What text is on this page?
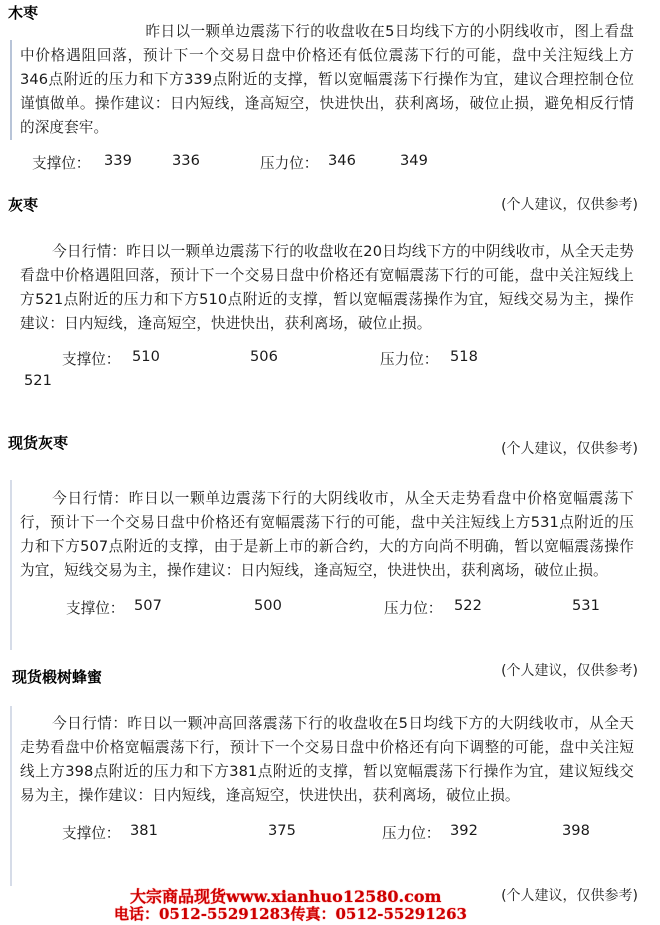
木枣

昨日以一颗单边震荡下行的收盘收在5日均线下方的小阴线收市，图上看盘中价格遇阻回落，预计下一个交易日盘中价格还有低位震荡下行的可能，盘中关注短线上方346点附近的压力和下方339点附近的支撑，暂以宽幅震荡下行操作为宜，建议合理控制仓位谨慎做单。操作建议：日内短线，逢高短空，快进快出，获利离场，破位止损，避免相反行情的深度套牢。

支撑位： 339	336	压力位： 346	349
(个人建议，仅供参考)
灰枣

今日行情：昨日以一颗单边震荡下行的收盘收在20日均线下方的中阴线收市，从全天走势看盘中价格遇阻回落，预计下一个交易日盘中价格还有宽幅震荡下行的可能，盘中关注短线上方521点附近的压力和下方510点附近的支撑，暂以宽幅震荡操作为宜，短线交易为主，操作建议：日内短线，逢高短空，快进快出，获利离场，破位止损。

支撑位： 510	506	压力位： 518
521
(个人建议，仅供参考)
现货灰枣

今日行情：昨日以一颗单边震荡下行的大阴线收市，从全天走势看盘中价格宽幅震荡下行，预计下一个交易日盘中价格还有宽幅震荡下行的可能，盘中关注短线上方531点附近的压力和下方507点附近的支撑，由于是新上市的新合约，大的方向尚不明确，暂以宽幅震荡操作为宜，短线交易为主，操作建议：日内短线，逢高短空，快进快出，获利离场，破位止损。

支撑位： 507	500	压力位： 522	531
(个人建议，仅供参考)
现货椴树蜂蜜

今日行情：昨日以一颗冲高回落震荡下行的收盘收在5日均线下方的大阴线收市，从全天走势看盘中价格宽幅震荡下行，预计下一个交易日盘中价格还有向下调整的可能，盘中关注短线上方398点附近的压力和下方381点附近的支撑，暂以宽幅震荡下行操作为宜，建议短线交易为主，操作建议：日内短线，逢高短空，快进快出，获利离场，破位止损。

支撑位： 381	375	压力位： 392	398
(个人建议，仅供参考)
大宗商品现货www.xianhuo12580.com
电话：0512-55291283传真：0512-55291263
